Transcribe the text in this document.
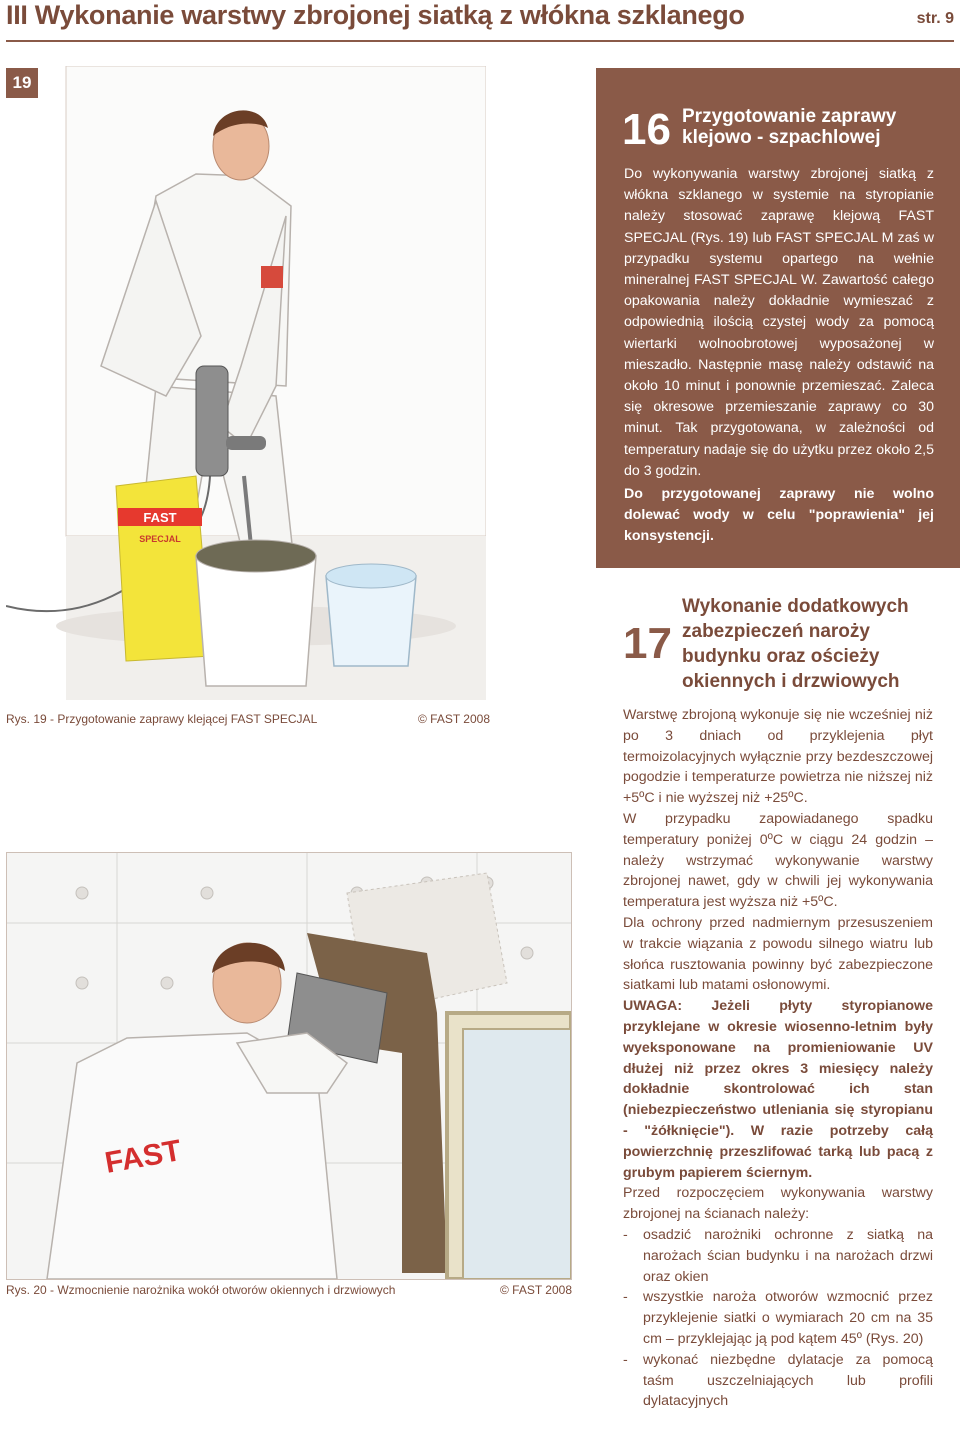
III Wykonanie warstwy zbrojonej siatką z włókna szklanego	str. 9
19
FAST
SPECJAL
Rys. 19 - Przygotowanie zaprawy klejącej FAST SPECJAL	© FAST 2008
FAST
Rys. 20 - Wzmocnienie narożnika wokół otworów okiennych i drzwiowych	© FAST 2008
16 Przygotowanie zaprawy
klejowo - szpachlowej

Do wykonywania warstwy zbrojonej siatką z włókna szklanego w systemie na styropianie należy stosować zaprawę klejową FAST SPECJAL (Rys. 19) lub FAST SPECJAL M zaś w przypadku systemu opartego na wełnie mineralnej FAST SPECJAL W. Zawartość całego opakowania należy dokładnie wymieszać z odpowiednią ilością czystej wody za pomocą wiertarki wolnoobrotowej wyposażonej w mieszadło. Następnie masę należy odstawić na około 10 minut i ponownie przemieszać. Zaleca się okresowe przemieszanie zaprawy co 30 minut. Tak przygotowana, w zależności od temperatury nadaje się do użytku przez około 2,5 do 3 godzin.

Do przygotowanej zaprawy nie wolno dolewać wody w celu "poprawienia" jej konsystencji.

17
Wykonanie dodatkowych
zabezpieczeń naroży
budynku oraz ościeży
okiennych i drzwiowych

Warstwę zbrojoną wykonuje się nie wcześniej niż po 3 dniach od przyklejenia płyt termoizolacyjnych wyłącznie przy bezdeszczowej pogodzie i temperaturze powietrza nie niższej niż +5ºC i nie wyższej niż +25ºC.

W przypadku zapowiadanego spadku temperatury poniżej 0ºC w ciągu 24 godzin – należy wstrzymać wykonywanie warstwy zbrojonej nawet, gdy w chwili jej wykonywania temperatura jest wyższa niż +5ºC.

Dla ochrony przed nadmiernym przesuszeniem w trakcie wiązania z powodu silnego wiatru lub słońca rusztowania powinny być zabezpieczone siatkami lub matami osłonowymi.

UWAGA: Jeżeli płyty styropianowe przyklejane w okresie wiosenno-letnim były wyeksponowane na promieniowanie UV dłużej niż przez okres 3 miesięcy należy dokładnie skontrolować ich stan (niebezpieczeństwo utleniania się styropianu - "żółknięcie"). W razie potrzeby całą powierzchnię przeszlifować tarką lub pacą z grubym papierem ściernym.

Przed rozpoczęciem wykonywania warstwy zbrojonej na ścianach należy:

-	osadzić narożniki ochronne z siatką na narożach ścian budynku i na narożach drzwi oraz okien
-	wszystkie naroża otworów wzmocnić przez przyklejenie siatki o wymiarach 20 cm na 35 cm – przyklejając ją pod kątem 45º (Rys. 20)
-	wykonać niezbędne dylatacje za pomocą taśm uszczelniających lub profili dylatacyjnych
